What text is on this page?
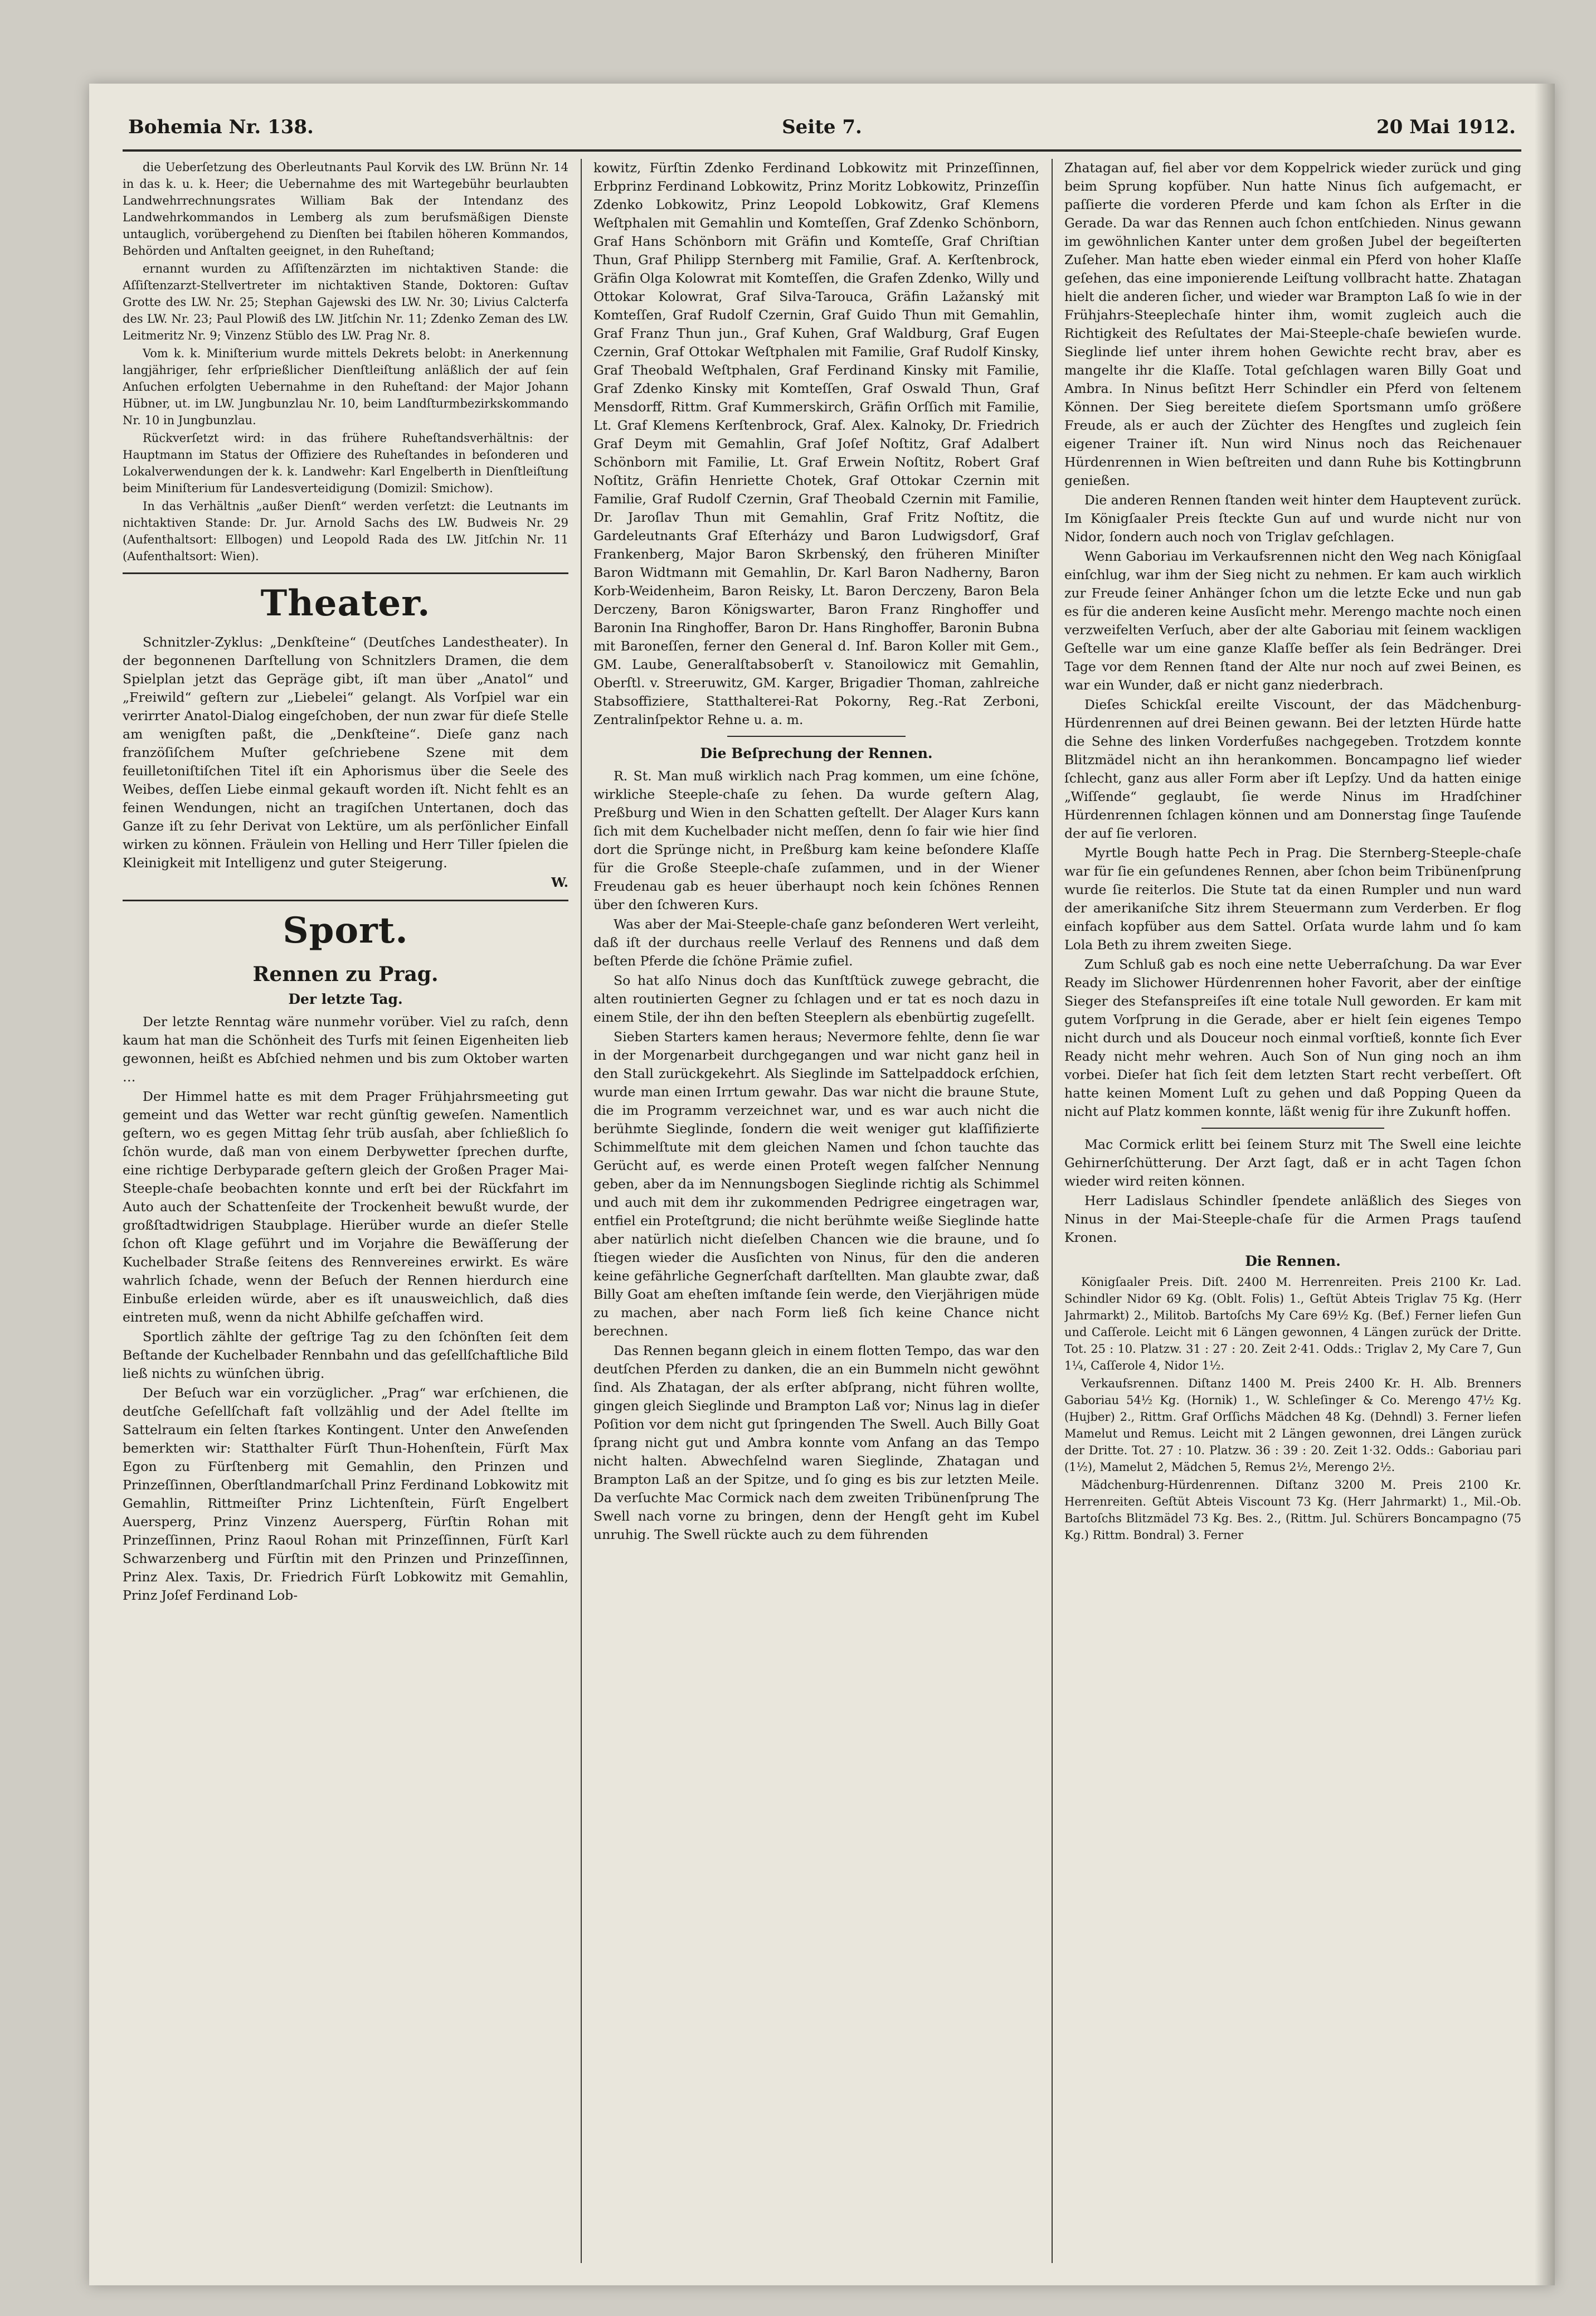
Bohemia Nr. 138.	Seite 7.	20 Mai 1912.

die Ueberſetzung des Oberleutnants Paul Korvik des LW. Brünn Nr. 14 in das k. u. k. Heer; die Uebernahme des mit Wartegebühr beurlaubten Landwehrrechnungsrates William Bak der Intendanz des Landwehrkommandos in Lemberg als zum berufsmäßigen Dienste untauglich, vorübergehend zu Dienſten bei ſtabilen höheren Kommandos, Behörden und Anſtalten geeignet, in den Ruheſtand;

ernannt wurden zu Aſſiſtenzärzten im nichtaktiven Stande: die Aſſiſtenzarzt-Stellvertreter im nichtaktiven Stande, Doktoren: Guſtav Grotte des LW. Nr. 25; Stephan Gajewski des LW. Nr. 30; Livius Calcterfa des LW. Nr. 23; Paul Plowiß des LW. Jitſchin Nr. 11; Zdenko Zeman des LW. Leitmeritz Nr. 9; Vinzenz Stüblo des LW. Prag Nr. 8.

Vom k. k. Miniſterium wurde mittels Dekrets belobt: in Anerkennung langjähriger, ſehr erſprießlicher Dienſtleiſtung anläßlich der auf ſein Anſuchen erfolgten Uebernahme in den Ruheſtand: der Major Johann Hübner, ut. im LW. Jungbunzlau Nr. 10, beim Landſturmbezirkskommando Nr. 10 in Jungbunzlau.

Rückverſetzt wird: in das frühere Ruheſtandsverhältnis: der Hauptmann im Status der Offiziere des Ruheſtandes in beſonderen und Lokalverwendungen der k. k. Landwehr: Karl Engelberth in Dienſtleiſtung beim Miniſterium für Landesverteidigung (Domizil: Smichow).

In das Verhältnis „außer Dienſt“ werden verſetzt: die Leutnants im nichtaktiven Stande: Dr. Jur. Arnold Sachs des LW. Budweis Nr. 29 (Aufenthaltsort: Ellbogen) und Leopold Rada des LW. Jitſchin Nr. 11 (Aufenthaltsort: Wien).

Theater.

Schnitzler-Zyklus: „Denkſteine“ (Deutſches Landestheater). In der begonnenen Darſtellung von Schnitzlers Dramen, die dem Spielplan jetzt das Gepräge gibt, iſt man über „Anatol“ und „Freiwild“ geſtern zur „Liebelei“ gelangt. Als Vorſpiel war ein verirrter Anatol-Dialog eingeſchoben, der nun zwar für dieſe Stelle am wenigſten paßt, die „Denkſteine“. Dieſe ganz nach franzöſiſchem Muſter geſchriebene Szene mit dem feuilletoniſtiſchen Titel iſt ein Aphorismus über die Seele des Weibes, deſſen Liebe einmal gekauft worden iſt. Nicht fehlt es an feinen Wendungen, nicht an tragiſchen Untertanen, doch das Ganze iſt zu ſehr Derivat von Lektüre, um als perſönlicher Einfall wirken zu können. Fräulein von Helling und Herr Tiller ſpielen die Kleinigkeit mit Intelligenz und guter Steigerung.

W.
Sport.
Rennen zu Prag.
Der letzte Tag.

Der letzte Renntag wäre nunmehr vorüber. Viel zu raſch, denn kaum hat man die Schönheit des Turfs mit ſeinen Eigenheiten lieb gewonnen, heißt es Abſchied nehmen und bis zum Oktober warten …

Der Himmel hatte es mit dem Prager Frühjahrsmeeting gut gemeint und das Wetter war recht günſtig geweſen. Namentlich geſtern, wo es gegen Mittag ſehr trüb ausſah, aber ſchließlich ſo ſchön wurde, daß man von einem Derbywetter ſprechen durfte, eine richtige Derbyparade geſtern gleich der Großen Prager Mai-Steeple-chaſe beobachten konnte und erſt bei der Rückfahrt im Auto auch der Schattenſeite der Trockenheit bewußt wurde, der großſtadtwidrigen Staubplage. Hierüber wurde an dieſer Stelle ſchon oft Klage geführt und im Vorjahre die Bewäſſerung der Kuchelbader Straße ſeitens des Rennvereines erwirkt. Es wäre wahrlich ſchade, wenn der Beſuch der Rennen hierdurch eine Einbuße erleiden würde, aber es iſt unausweichlich, daß dies eintreten muß, wenn da nicht Abhilfe geſchaffen wird.

Sportlich zählte der geſtrige Tag zu den ſchönſten ſeit dem Beſtande der Kuchelbader Rennbahn und das geſellſchaftliche Bild ließ nichts zu wünſchen übrig.

Der Beſuch war ein vorzüglicher. „Prag“ war erſchienen, die deutſche Geſellſchaft faſt vollzählig und der Adel ſtellte im Sattelraum ein ſelten ſtarkes Kontingent. Unter den Anweſenden bemerkten wir: Statthalter Fürſt Thun-Hohenſtein, Fürſt Max Egon zu Fürſtenberg mit Gemahlin, den Prinzen und Prinzeſſinnen, Oberſtlandmarſchall Prinz Ferdinand Lobkowitz mit Gemahlin, Rittmeiſter Prinz Lichtenſtein, Fürſt Engelbert Auersperg, Prinz Vinzenz Auersperg, Fürſtin Rohan mit Prinzeſſinnen, Prinz Raoul Rohan mit Prinzeſſinnen, Fürſt Karl Schwarzenberg und Fürſtin mit den Prinzen und Prinzeſſinnen, Prinz Alex. Taxis, Dr. Friedrich Fürſt Lobkowitz mit Gemahlin, Prinz Joſef Ferdinand Lob-

kowitz, Fürſtin Zdenko Ferdinand Lobkowitz mit Prinzeſſinnen, Erbprinz Ferdinand Lobkowitz, Prinz Moritz Lobkowitz, Prinzeſſin Zdenko Lobkowitz, Prinz Leopold Lobkowitz, Graf Klemens Weſtphalen mit Gemahlin und Komteſſen, Graf Zdenko Schönborn, Graf Hans Schönborn mit Gräfin und Komteſſe, Graf Chriſtian Thun, Graf Philipp Sternberg mit Familie, Graf. A. Kerſtenbrock, Gräfin Olga Kolowrat mit Komteſſen, die Grafen Zdenko, Willy und Ottokar Kolowrat, Graf Silva-Tarouca, Gräfin Lažanský mit Komteſſen, Graf Rudolf Czernin, Graf Guido Thun mit Gemahlin, Graf Franz Thun jun., Graf Kuhen, Graf Waldburg, Graf Eugen Czernin, Graf Ottokar Weſtphalen mit Familie, Graf Rudolf Kinsky, Graf Theobald Weſtphalen, Graf Ferdinand Kinsky mit Familie, Graf Zdenko Kinsky mit Komteſſen, Graf Oswald Thun, Graf Mensdorff, Rittm. Graf Kummerskirch, Gräfin Orſſich mit Familie, Lt. Graf Klemens Kerſtenbrock, Graf. Alex. Kalnoky, Dr. Friedrich Graf Deym mit Gemahlin, Graf Joſef Noſtitz, Graf Adalbert Schönborn mit Familie, Lt. Graf Erwein Noſtitz, Robert Graf Noſtitz, Gräfin Henriette Chotek, Graf Ottokar Czernin mit Familie, Graf Rudolf Czernin, Graf Theobald Czernin mit Familie, Dr. Jaroſlav Thun mit Gemahlin, Graf Fritz Noſtitz, die Gardeleutnants Graf Eſterházy und Baron Ludwigsdorf, Graf Frankenberg, Major Baron Skrbenský, den früheren Miniſter Baron Widtmann mit Gemahlin, Dr. Karl Baron Nadherny, Baron Korb-Weidenheim, Baron Reisky, Lt. Baron Derczeny, Baron Bela Derczeny, Baron Königswarter, Baron Franz Ringhoffer und Baronin Ina Ringhoffer, Baron Dr. Hans Ringhoffer, Baronin Bubna mit Baroneſſen, ferner den General d. Inf. Baron Koller mit Gem., GM. Laube, Generalſtabsoberſt v. Stanoilowicz mit Gemahlin, Oberſtl. v. Streeruwitz, GM. Karger, Brigadier Thoman, zahlreiche Stabsoffiziere, Statthalterei-Rat Pokorny, Reg.-Rat Zerboni, Zentralinſpektor Rehne u. a. m.

Die Beſprechung der Rennen.

R. St. Man muß wirklich nach Prag kommen, um eine ſchöne, wirkliche Steeple-chaſe zu ſehen. Da wurde geſtern Alag, Preßburg und Wien in den Schatten geſtellt. Der Alager Kurs kann ſich mit dem Kuchelbader nicht meſſen, denn ſo fair wie hier ſind dort die Sprünge nicht, in Preßburg kam keine beſondere Klaſſe für die Große Steeple-chaſe zuſammen, und in der Wiener Freudenau gab es heuer überhaupt noch kein ſchönes Rennen über den ſchweren Kurs.

Was aber der Mai-Steeple-chaſe ganz beſonderen Wert verleiht, daß iſt der durchaus reelle Verlauf des Rennens und daß dem beſten Pferde die ſchöne Prämie zufiel.

So hat alſo Ninus doch das Kunſtſtück zuwege gebracht, die alten routinierten Gegner zu ſchlagen und er tat es noch dazu in einem Stile, der ihn den beſten Steeplern als ebenbürtig zugeſellt.

Sieben Starters kamen heraus; Nevermore fehlte, denn ſie war in der Morgenarbeit durchgegangen und war nicht ganz heil in den Stall zurückgekehrt. Als Sieglinde im Sattelpaddock erſchien, wurde man einen Irrtum gewahr. Das war nicht die braune Stute, die im Programm verzeichnet war, und es war auch nicht die berühmte Sieglinde, ſondern die weit weniger gut klaſſifizierte Schimmelſtute mit dem gleichen Namen und ſchon tauchte das Gerücht auf, es werde einen Proteſt wegen falſcher Nennung geben, aber da im Nennungsbogen Sieglinde richtig als Schimmel und auch mit dem ihr zukommenden Pedrigree eingetragen war, entfiel ein Proteſtgrund; die nicht berühmte weiße Sieglinde hatte aber natürlich nicht dieſelben Chancen wie die braune, und ſo ſtiegen wieder die Ausſichten von Ninus, für den die anderen keine gefährliche Gegnerſchaft darſtellten. Man glaubte zwar, daß Billy Goat am eheſten imſtande ſein werde, den Vierjährigen müde zu machen, aber nach Form ließ ſich keine Chance nicht berechnen.

Das Rennen begann gleich in einem flotten Tempo, das war den deutſchen Pferden zu danken, die an ein Bummeln nicht gewöhnt ſind. Als Zhatagan, der als erſter abſprang, nicht führen wollte, gingen gleich Sieglinde und Brampton Laß vor; Ninus lag in dieſer Poſition vor dem nicht gut ſpringenden The Swell. Auch Billy Goat ſprang nicht gut und Ambra konnte vom Anfang an das Tempo nicht halten. Abwechſelnd waren Sieglinde, Zhatagan und Brampton Laß an der Spitze, und ſo ging es bis zur letzten Meile. Da verſuchte Mac Cormick nach dem zweiten Tribünenſprung The Swell nach vorne zu bringen, denn der Hengſt geht im Kubel unruhig. The Swell rückte auch zu dem führenden

Zhatagan auf, fiel aber vor dem Koppelrick wieder zurück und ging beim Sprung kopfüber. Nun hatte Ninus ſich aufgemacht, er paſſierte die vorderen Pferde und kam ſchon als Erſter in die Gerade. Da war das Rennen auch ſchon entſchieden. Ninus gewann im gewöhnlichen Kanter unter dem großen Jubel der begeiſterten Zuſeher. Man hatte eben wieder einmal ein Pferd von hoher Klaſſe geſehen, das eine imponierende Leiſtung vollbracht hatte. Zhatagan hielt die anderen ſicher, und wieder war Brampton Laß ſo wie in der Frühjahrs-Steeplechaſe hinter ihm, womit zugleich auch die Richtigkeit des Reſultates der Mai-Steeple-chaſe bewieſen wurde. Sieglinde lief unter ihrem hohen Gewichte recht brav, aber es mangelte ihr die Klaſſe. Total geſchlagen waren Billy Goat und Ambra. In Ninus beſitzt Herr Schindler ein Pferd von ſeltenem Können. Der Sieg bereitete dieſem Sportsmann umſo größere Freude, als er auch der Züchter des Hengſtes und zugleich ſein eigener Trainer iſt. Nun wird Ninus noch das Reichenauer Hürdenrennen in Wien beſtreiten und dann Ruhe bis Kottingbrunn genießen.

Die anderen Rennen ſtanden weit hinter dem Hauptevent zurück. Im Königſaaler Preis ſteckte Gun auf und wurde nicht nur von Nidor, ſondern auch noch von Triglav geſchlagen.

Wenn Gaboriau im Verkaufsrennen nicht den Weg nach Königſaal einſchlug, war ihm der Sieg nicht zu nehmen. Er kam auch wirklich zur Freude ſeiner Anhänger ſchon um die letzte Ecke und nun gab es für die anderen keine Ausſicht mehr. Merengo machte noch einen verzweifelten Verſuch, aber der alte Gaboriau mit ſeinem wackligen Geſtelle war um eine ganze Klaſſe beſſer als ſein Bedränger. Drei Tage vor dem Rennen ſtand der Alte nur noch auf zwei Beinen, es war ein Wunder, daß er nicht ganz niederbrach.

Dieſes Schickſal ereilte Viscount, der das Mädchenburg-Hürdenrennen auf drei Beinen gewann. Bei der letzten Hürde hatte die Sehne des linken Vorderfußes nachgegeben. Trotzdem konnte Blitzmädel nicht an ihn herankommen. Boncampagno lief wieder ſchlecht, ganz aus aller Form aber iſt Lepſzy. Und da hatten einige „Wiſſende“ geglaubt, ſie werde Ninus im Hradſchiner Hürdenrennen ſchlagen können und am Donnerstag ſinge Tauſende der auf ſie verloren.

Myrtle Bough hatte Pech in Prag. Die Sternberg-Steeple-chaſe war für ſie ein geſundenes Rennen, aber ſchon beim Tribünenſprung wurde ſie reiterlos. Die Stute tat da einen Rumpler und nun ward der amerikaniſche Sitz ihrem Steuermann zum Verderben. Er flog einfach kopfüber aus dem Sattel. Orſata wurde lahm und ſo kam Lola Beth zu ihrem zweiten Siege.

Zum Schluß gab es noch eine nette Ueberraſchung. Da war Ever Ready im Slichower Hürdenrennen hoher Favorit, aber der einſtige Sieger des Stefanspreiſes iſt eine totale Null geworden. Er kam mit gutem Vorſprung in die Gerade, aber er hielt ſein eigenes Tempo nicht durch und als Douceur noch einmal vorſtieß, konnte ſich Ever Ready nicht mehr wehren. Auch Son of Nun ging noch an ihm vorbei. Dieſer hat ſich ſeit dem letzten Start recht verbeſſert. Oft hatte keinen Moment Luſt zu gehen und daß Popping Queen da nicht auf Platz kommen konnte, läßt wenig für ihre Zukunft hoffen.

Mac Cormick erlitt bei ſeinem Sturz mit The Swell eine leichte Gehirnerſchütterung. Der Arzt ſagt, daß er in acht Tagen ſchon wieder wird reiten können.

Herr Ladislaus Schindler ſpendete anläßlich des Sieges von Ninus in der Mai-Steeple-chaſe für die Armen Prags tauſend Kronen.

Die Rennen.

Königſaaler Preis. Diſt. 2400 M. Herrenreiten. Preis 2100 Kr. Lad. Schindler Nidor 69 Kg. (Oblt. Folis) 1., Geſtüt Abteis Triglav 75 Kg. (Herr Jahrmarkt) 2., Militob. Bartoſchs My Care 69½ Kg. (Bef.) Ferner liefen Gun und Caſſerole. Leicht mit 6 Längen gewonnen, 4 Längen zurück der Dritte. Tot. 25 : 10. Platzw. 31 : 27 : 20. Zeit 2·41. Odds.: Triglav 2, My Care 7, Gun 1¼, Caſſerole 4, Nidor 1½.

Verkaufsrennen. Diſtanz 1400 M. Preis 2400 Kr. H. Alb. Brenners Gaboriau 54½ Kg. (Hornik) 1., W. Schleſinger & Co. Merengo 47½ Kg. (Hujber) 2., Rittm. Graf Orſſichs Mädchen 48 Kg. (Dehndl) 3. Ferner liefen Mamelut und Remus. Leicht mit 2 Längen gewonnen, drei Längen zurück der Dritte. Tot. 27 : 10. Platzw. 36 : 39 : 20. Zeit 1·32. Odds.: Gaboriau pari (1½), Mamelut 2, Mädchen 5, Remus 2½, Merengo 2½.

Mädchenburg-Hürdenrennen. Diſtanz 3200 M. Preis 2100 Kr. Herrenreiten. Geſtüt Abteis Viscount 73 Kg. (Herr Jahrmarkt) 1., Mil.-Ob. Bartoſchs Blitzmädel 73 Kg. Bes. 2., (Rittm. Jul. Schürers Boncampagno (75 Kg.) Rittm. Bondral) 3. Ferner
